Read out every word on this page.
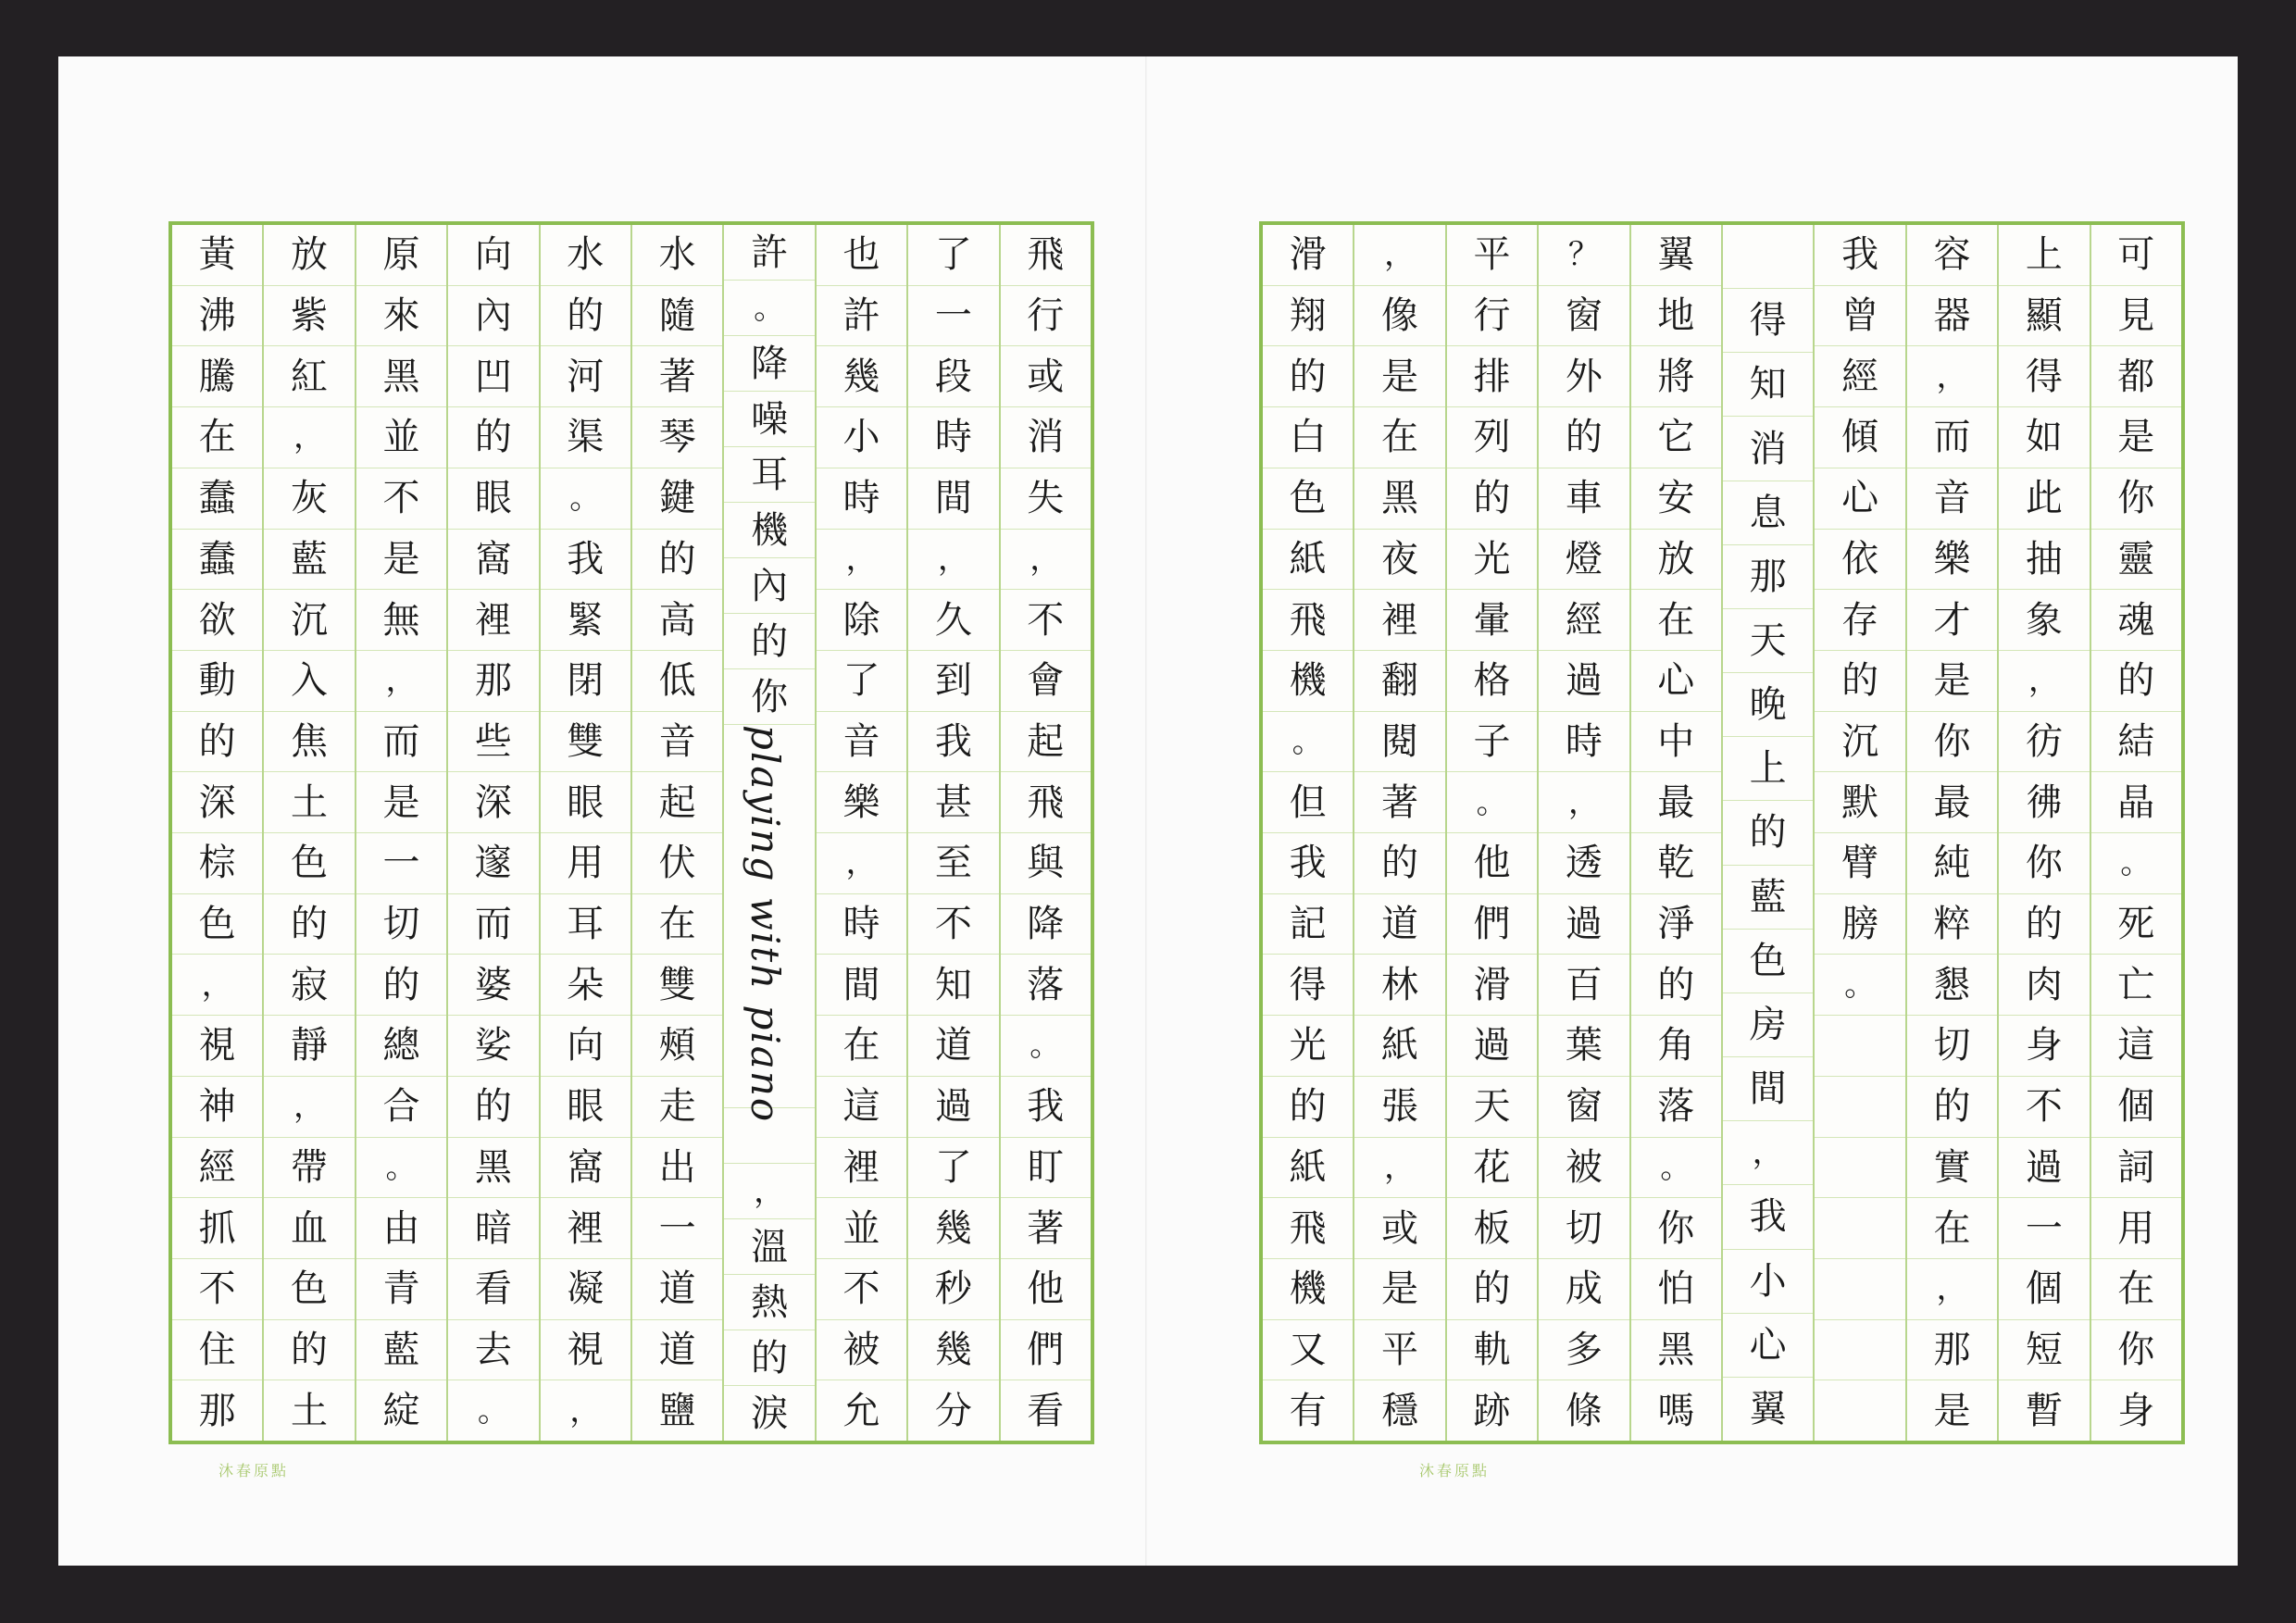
飛
行
或
消
失
，
不
會
起
飛
與
降
落
。
我
盯
著
他
們
看
了
一
段
時
間
，
久
到
我
甚
至
不
知
道
過
了
幾
秒
幾
分
也
許
幾
小
時
，
除
了
音
樂
，
時
間
在
這
裡
並
不
被
允
許
。
降
噪
耳
機
內
的
你
playing with piano
，
溫
熱
的
淚
水
隨
著
琴
鍵
的
高
低
音
起
伏
在
雙
頰
走
出
一
道
道
鹽
水
的
河
渠
。
我
緊
閉
雙
眼
用
耳
朵
向
眼
窩
裡
凝
視
，
向
內
凹
的
眼
窩
裡
那
些
深
邃
而
婆
娑
的
黑
暗
看
去
。
原
來
黑
並
不
是
無
，
而
是
一
切
的
總
合
。
由
青
藍
綻
放
紫
紅
，
灰
藍
沉
入
焦
土
色
的
寂
靜
，
帶
血
色
的
土
黃
沸
騰
在
蠢
蠢
欲
動
的
深
棕
色
，
視
神
經
抓
不
住
那
沐春原點
可
見
都
是
你
靈
魂
的
結
晶
。
死
亡
這
個
詞
用
在
你
身
上
顯
得
如
此
抽
象
，
彷
彿
你
的
肉
身
不
過
一
個
短
暫
容
器
，
而
音
樂
才
是
你
最
純
粹
懇
切
的
實
在
，
那
是
我
曾
經
傾
心
依
存
的
沉
默
臂
膀
。
得
知
消
息
那
天
晚
上
的
藍
色
房
間
，
我
小
心
翼
翼
地
將
它
安
放
在
心
中
最
乾
淨
的
角
落
。
你
怕
黑
嗎
？
窗
外
的
車
燈
經
過
時
，
透
過
百
葉
窗
被
切
成
多
條
平
行
排
列
的
光
暈
格
子
。
他
們
滑
過
天
花
板
的
軌
跡
，
像
是
在
黑
夜
裡
翻
閱
著
的
道
林
紙
張
，
或
是
平
穩
滑
翔
的
白
色
紙
飛
機
。
但
我
記
得
光
的
紙
飛
機
又
有
沐春原點
